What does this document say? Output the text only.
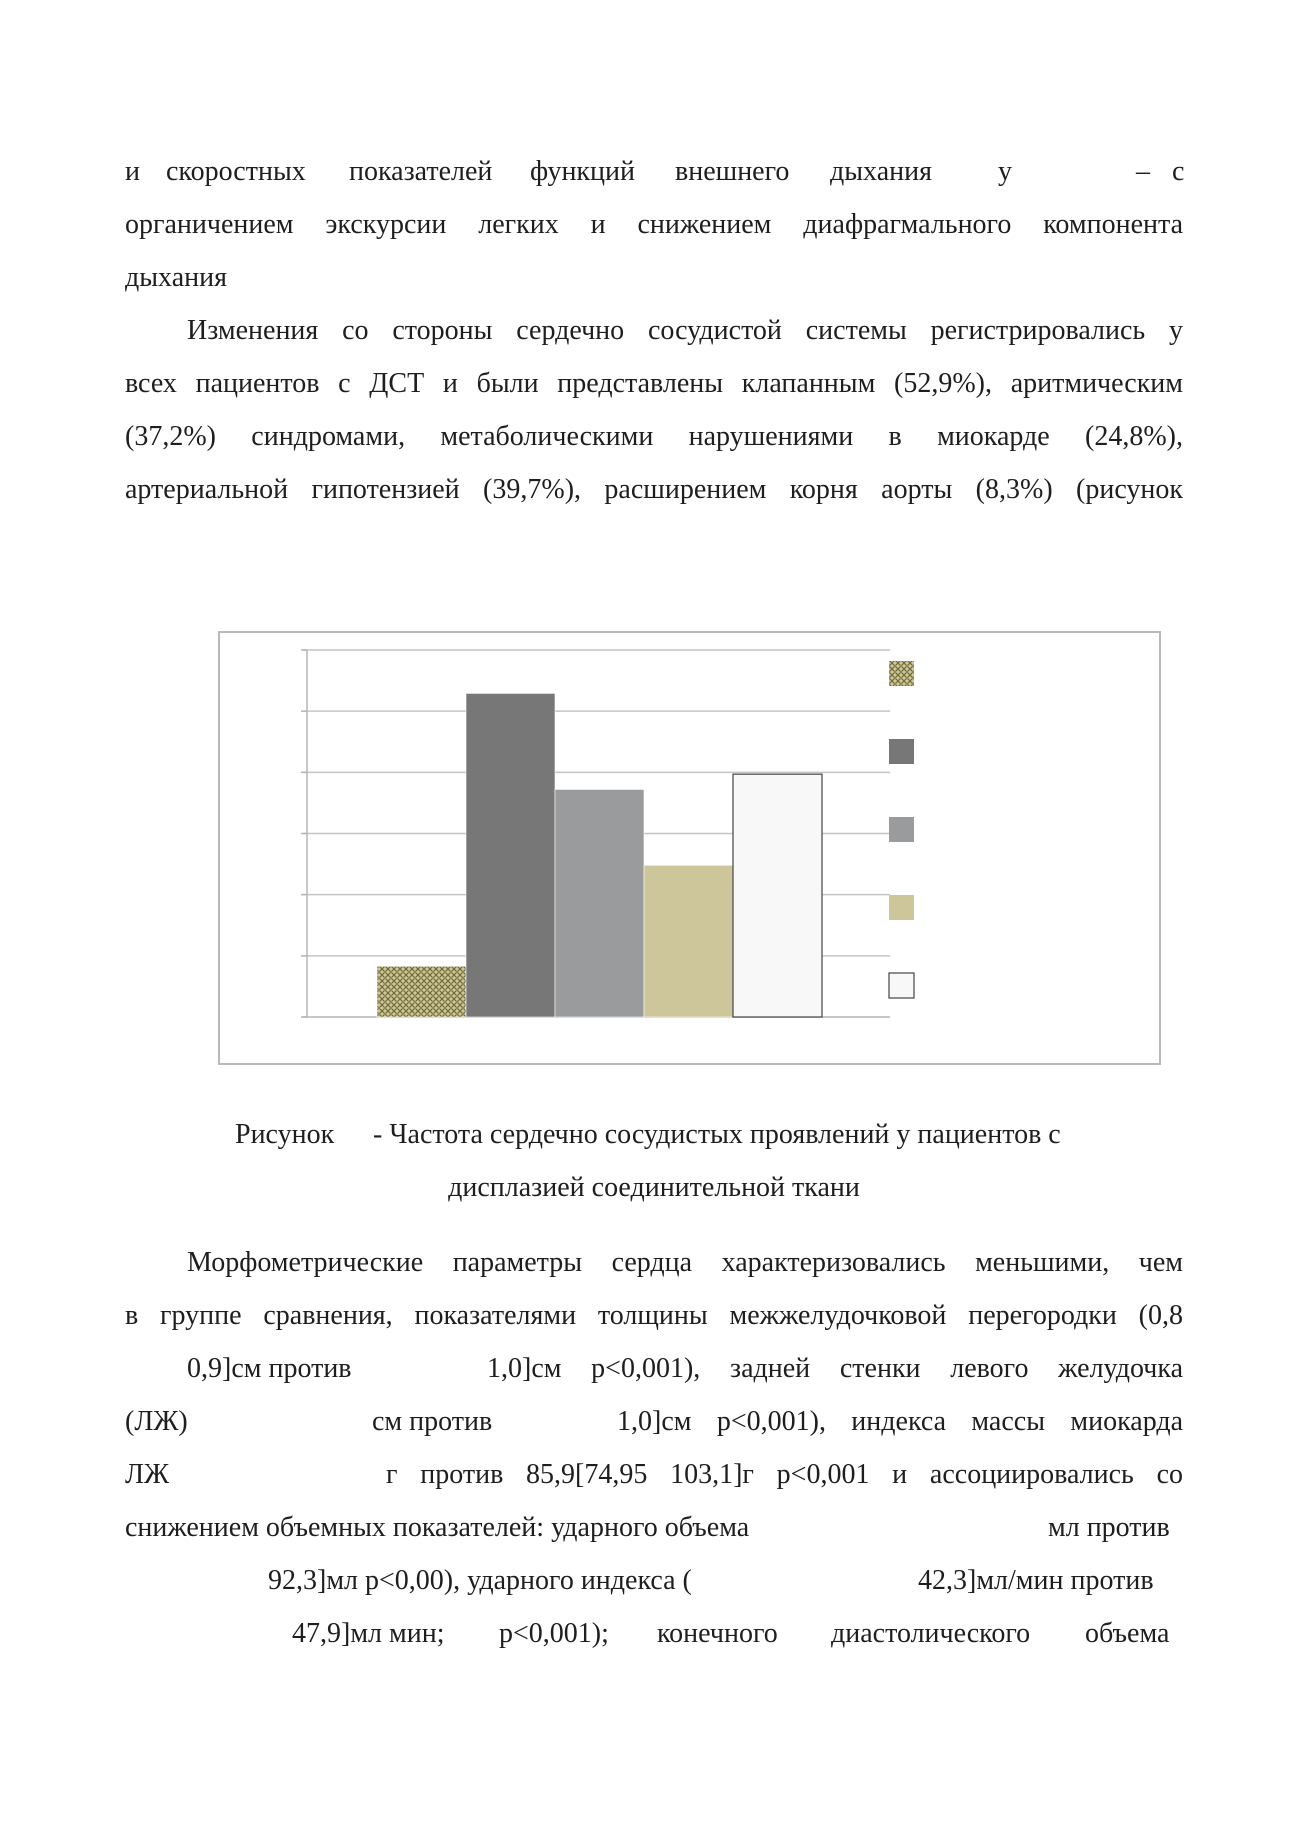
и скоростных показателей функций внешнего дыхания у	– с
органичением экскурсии легких и снижением диафрагмального компонента
дыхания
Изменения со стороны сердечно сосудистой системы регистрировались у
всех пациентов с ДСТ и были представлены клапанным (52,9%), аритмическим
(37,2%) синдромами, метаболическими нарушениями в миокарде (24,8%),
артериальной гипотензией (39,7%), расширением корня аорты (8,3%) (рисунок
Рисунок - Частота сердечно сосудистых проявлений у пациентов с
дисплазией соединительной ткани
Морфометрические параметры сердца характеризовались меньшими, чем
в группе сравнения, показателями толщины межжелудочковой перегородки (0,8
0,9]см против	1,0]см p<0,001), задней стенки левого желудочка
(ЛЖ)	см против	1,0]см p<0,001), индекса массы миокарда
ЛЖ	г против 85,9[74,95 103,1]г p<0,001 и ассоциировались со
снижением объемных показателей: ударного объема	мл против
92,3]мл p<0,00), ударного индекса (	42,3]мл/мин против
47,9]мл мин; p<0,001); конечного диастолического объема
